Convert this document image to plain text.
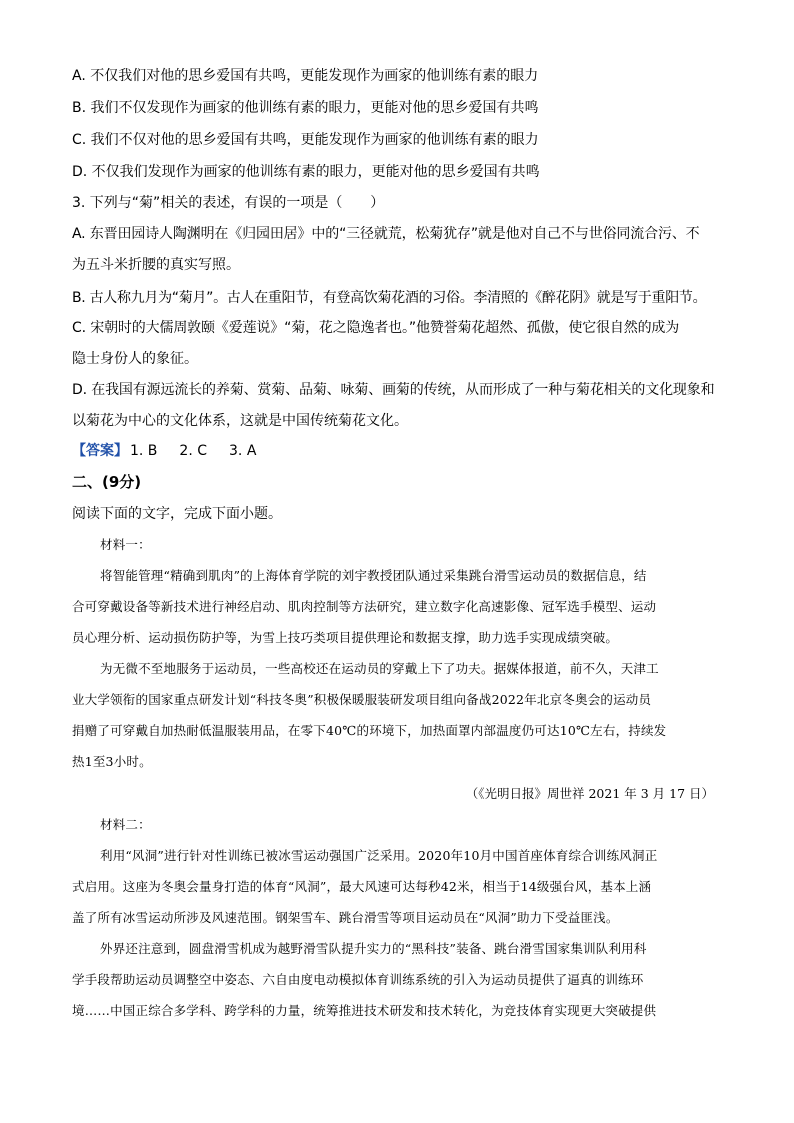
A. 不仅我们对他的思乡爱国有共鸣，更能发现作为画家的他训练有素的眼力
B. 我们不仅发现作为画家的他训练有素的眼力，更能对他的思乡爱国有共鸣
C. 我们不仅对他的思乡爱国有共鸣，更能发现作为画家的他训练有素的眼力
D. 不仅我们发现作为画家的他训练有素的眼力，更能对他的思乡爱国有共鸣
3. 下列与“菊”相关的表述，有误的一项是（　　）
A. 东晋田园诗人陶渊明在《归园田居》中的“三径就荒，松菊犹存”就是他对自己不与世俗同流合污、不
为五斗米折腰的真实写照。
B. 古人称九月为“菊月”。古人在重阳节，有登高饮菊花酒的习俗。李清照的《醉花阴》就是写于重阳节。
C. 宋朝时的大儒周敦颐《爱莲说》“菊，花之隐逸者也。”他赞誉菊花超然、孤傲，使它很自然的成为
隐士身份人的象征。
D. 在我国有源远流长的养菊、赏菊、品菊、咏菊、画菊的传统，从而形成了一种与菊花相关的文化现象和
以菊花为中心的文化体系，这就是中国传统菊花文化。
【答案】 1. B 2. C 3. A
二、(9分)
阅读下面的文字，完成下面小题。
材料一：
将智能管理“精确到肌肉”的上海体育学院的刘宇教授团队通过采集跳台滑雪运动员的数据信息，结
合可穿戴设备等新技术进行神经启动、肌肉控制等方法研究，建立数字化高速影像、冠军选手模型、运动
员心理分析、运动损伤防护等，为雪上技巧类项目提供理论和数据支撑，助力选手实现成绩突破。
为无微不至地服务于运动员，一些高校还在运动员的穿戴上下了功夫。据媒体报道，前不久，天津工
业大学领衔的国家重点研发计划“科技冬奥”积极保暖服装研发项目组向备战2022年北京冬奥会的运动员
捐赠了可穿戴自加热耐低温服装用品，在零下40℃的环境下，加热面罩内部温度仍可达10℃左右，持续发
热1至3小时。
（《光明日报》周世祥 2021 年 3 月 17 日）
材料二：
利用“风洞”进行针对性训练已被冰雪运动强国广泛采用。2020年10月中国首座体育综合训练风洞正
式启用。这座为冬奥会量身打造的体育“风洞”，最大风速可达每秒42米，相当于14级强台风，基本上涵
盖了所有冰雪运动所涉及风速范围。钢架雪车、跳台滑雪等项目运动员在“风洞”助力下受益匪浅。
外界还注意到，圆盘滑雪机成为越野滑雪队提升实力的“黑科技”装备、跳台滑雪国家集训队利用科
学手段帮助运动员调整空中姿态、六自由度电动模拟体育训练系统的引入为运动员提供了逼真的训练环
境……中国正综合多学科、跨学科的力量，统筹推进技术研发和技术转化，为竞技体育实现更大突破提供
